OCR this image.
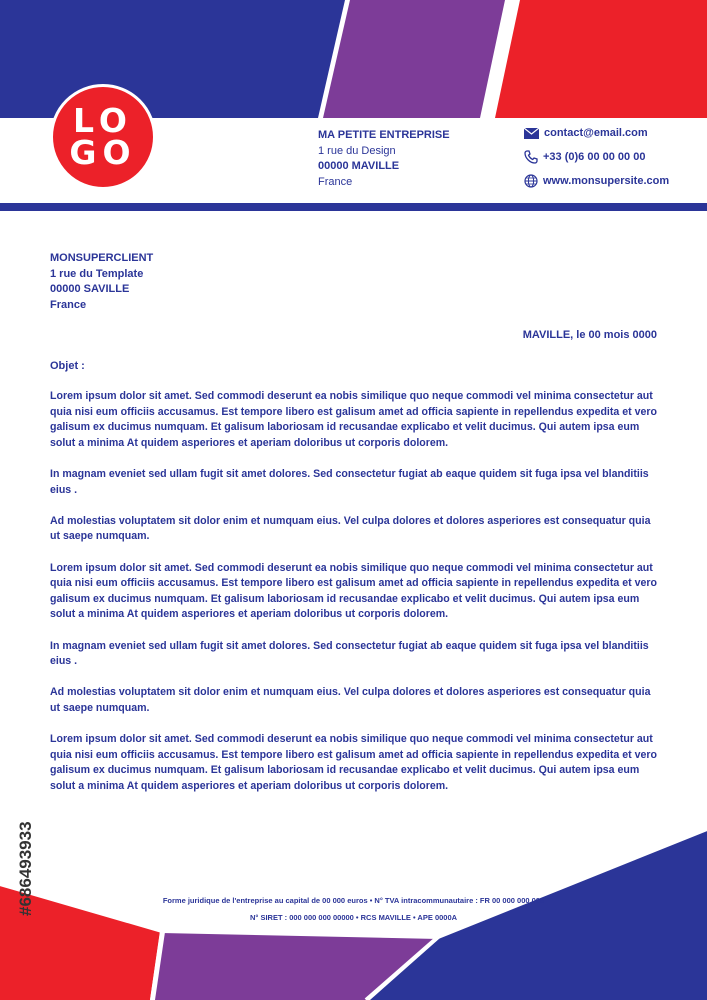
LO
GO	MA PETITE ENTREPRISE
1 rue du Design
00000 MAVILLE
France
contact@email.com
+33 (0)6 00 00 00 00
www.monsupersite.com
MONSUPERCLIENT
1 rue du Template
00000 SAVILLE
France
MAVILLE, le 00 mois 0000
Objet :

Lorem ipsum dolor sit amet. Sed commodi deserunt ea nobis similique quo neque commodi vel minima consectetur aut quia nisi eum officiis accusamus. Est tempore libero est galisum amet ad officia sapiente in repellendus expedita et vero galisum ex ducimus numquam. Et galisum laboriosam id recusandae explicabo et velit ducimus. Qui autem ipsa eum solut a minima At quidem asperiores et aperiam doloribus ut corporis dolorem.

In magnam eveniet sed ullam fugit sit amet dolores. Sed consectetur fugiat ab eaque quidem sit fuga ipsa vel blanditiis eius .

Ad molestias voluptatem sit dolor enim et numquam eius. Vel culpa dolores et dolores asperiores est consequatur quia ut saepe numquam.

Lorem ipsum dolor sit amet. Sed commodi deserunt ea nobis similique quo neque commodi vel minima consectetur aut quia nisi eum officiis accusamus. Est tempore libero est galisum amet ad officia sapiente in repellendus expedita et vero galisum ex ducimus numquam. Et galisum laboriosam id recusandae explicabo et velit ducimus. Qui autem ipsa eum solut a minima At quidem asperiores et aperiam doloribus ut corporis dolorem.

In magnam eveniet sed ullam fugit sit amet dolores. Sed consectetur fugiat ab eaque quidem sit fuga ipsa vel blanditiis eius .

Ad molestias voluptatem sit dolor enim et numquam eius. Vel culpa dolores et dolores asperiores est consequatur quia ut saepe numquam.

Lorem ipsum dolor sit amet. Sed commodi deserunt ea nobis similique quo neque commodi vel minima consectetur aut quia nisi eum officiis accusamus. Est tempore libero est galisum amet ad officia sapiente in repellendus expedita et vero galisum ex ducimus numquam. Et galisum laboriosam id recusandae explicabo et velit ducimus. Qui autem ipsa eum solut a minima At quidem asperiores et aperiam doloribus ut corporis dolorem.

Forme juridique de l'entreprise au capital de 00 000 euros • N° TVA intracommunautaire : FR 00 000 000 000
N° SIRET : 000 000 000 00000 • RCS MAVILLE • APE 0000A
#686493933
